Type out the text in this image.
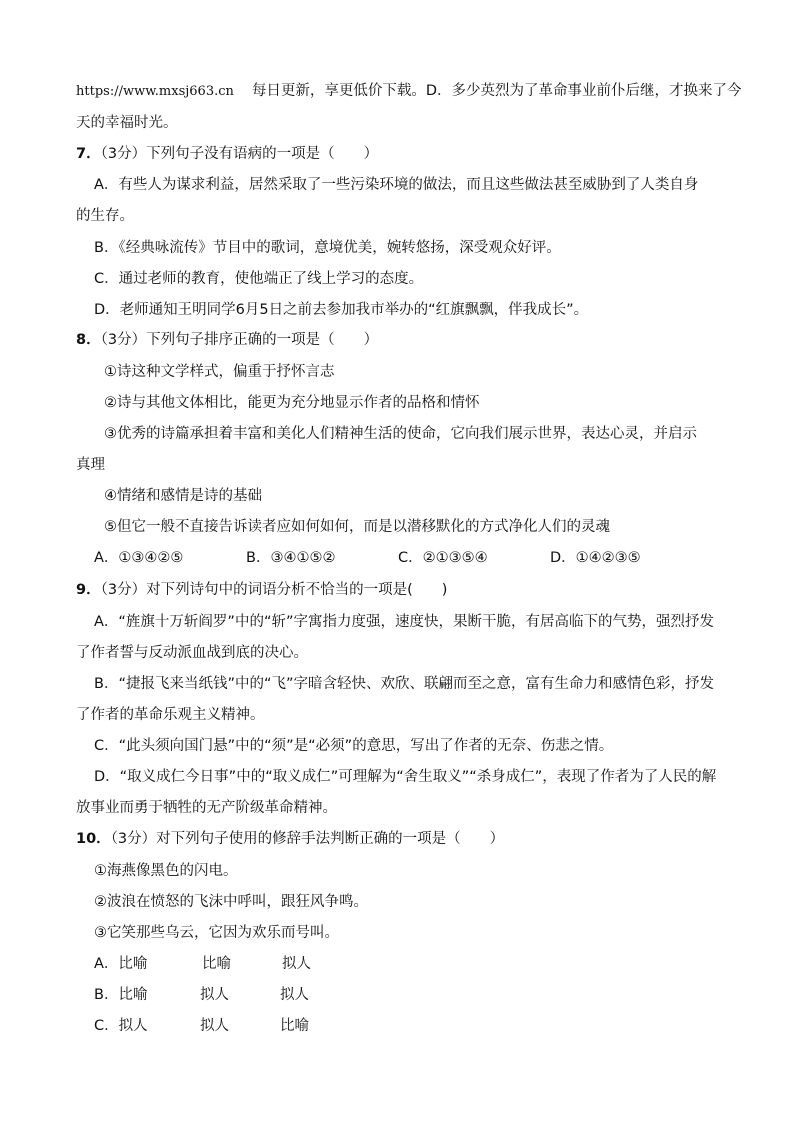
https://www.mxsj663.cn 每日更新，享更低价下载。D．多少英烈为了革命事业前仆后继，才换来了今
天的幸福时光。
7．（3分）下列句子没有语病的一项是（　　）
A．有些人为谋求利益，居然采取了一些污染环境的做法，而且这些做法甚至威胁到了人类自身
的生存。
B．《经典咏流传》节目中的歌词，意境优美，婉转悠扬，深受观众好评。
C．通过老师的教育，使他端正了线上学习的态度。
D．老师通知王明同学6月5日之前去参加我市举办的“红旗飘飘，伴我成长”。
8．（3分）下列句子排序正确的一项是（　　）
①诗这种文学样式，偏重于抒怀言志
②诗与其他文体相比，能更为充分地显示作者的品格和情怀
③优秀的诗篇承担着丰富和美化人们精神生活的使命，它向我们展示世界，表达心灵，并启示
真理
④情绪和感情是诗的基础
⑤但它一般不直接告诉读者应如何如何，而是以潜移默化的方式净化人们的灵魂
A．①③④②⑤	B．③④①⑤②	C．②①③⑤④	D．①④②③⑤
9．（3分）对下列诗句中的词语分析不恰当的一项是(　　)
A．“旌旗十万斩阎罗”中的“斩”字寓指力度强，速度快，果断干脆，有居高临下的气势，强烈抒发
了作者誓与反动派血战到底的决心。
B．“捷报飞来当纸钱”中的“飞”字暗含轻快、欢欣、联翩而至之意，富有生命力和感情色彩，抒发
了作者的革命乐观主义精神。
C．“此头须向国门悬”中的“须”是“必须”的意思，写出了作者的无奈、伤悲之情。
D．“取义成仁今日事”中的“取义成仁”可理解为“舍生取义”“杀身成仁”，表现了作者为了人民的解
放事业而勇于牺牲的无产阶级革命精神。
10．（3分）对下列句子使用的修辞手法判断正确的一项是（　　）
①海燕像黑色的闪电。
②波浪在愤怒的飞沫中呼叫，跟狂风争鸣。
③它笑那些乌云，它因为欢乐而号叫。
A．比喻	比喻	拟人
B．比喻	拟人	拟人
C．拟人	拟人	比喻
